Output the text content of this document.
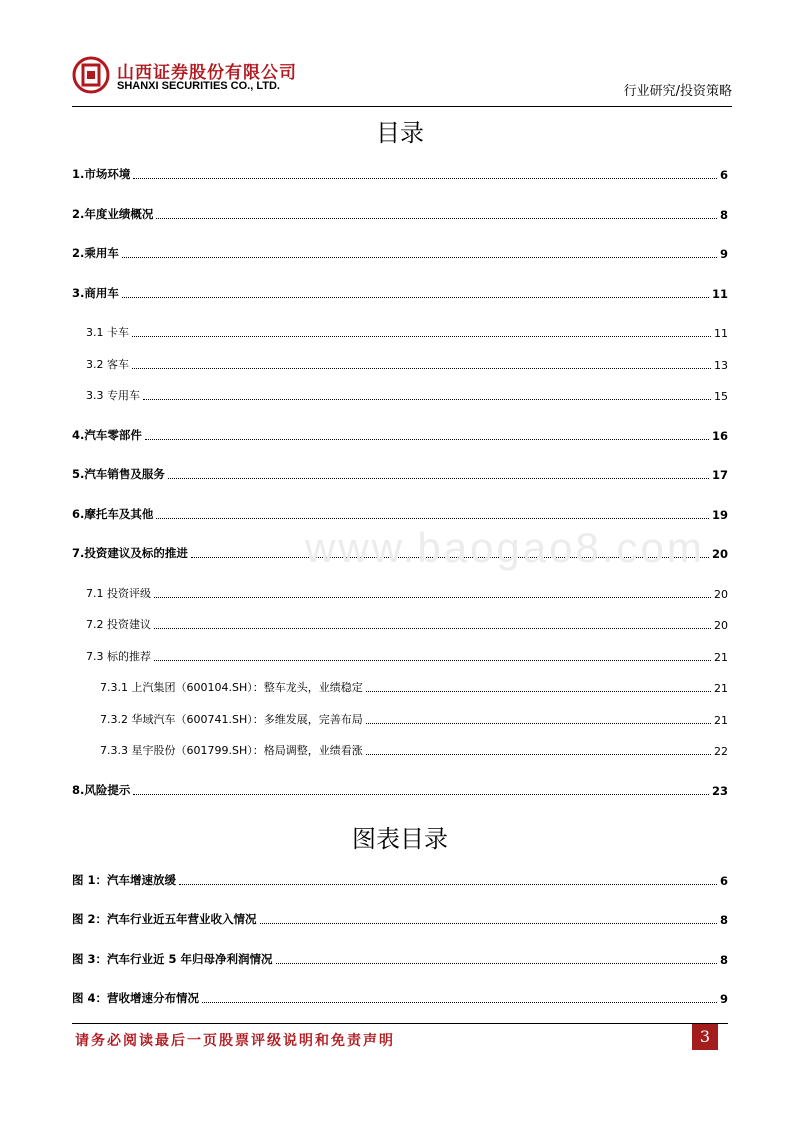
山西证券股份有限公司
SHANXI SECURITIES CO., LTD.	行业研究/投资策略
目录
1.市场环境	6
2.年度业绩概况	8
2.乘用车	9
3.商用车	11
3.1 卡车	11
3.2 客车	13
3.3 专用车	15
4.汽车零部件	16
5.汽车销售及服务	17
6.摩托车及其他	19
7.投资建议及标的推进	20
7.1 投资评级	20
7.2 投资建议	20
7.3 标的推荐	21
7.3.1 上汽集团（600104.SH）：整车龙头，业绩稳定	21
7.3.2 华域汽车（600741.SH）：多维发展，完善布局	21
7.3.3 星宇股份（601799.SH）：格局调整，业绩看涨	22
8.风险提示	23
图表目录
图 1：汽车增速放缓	6
图 2：汽车行业近五年营业收入情况	8
图 3：汽车行业近 5 年归母净利润情况	8
图 4：营收增速分布情况	9
www.baogao8.com
请务必阅读最后一页股票评级说明和免责声明	3
